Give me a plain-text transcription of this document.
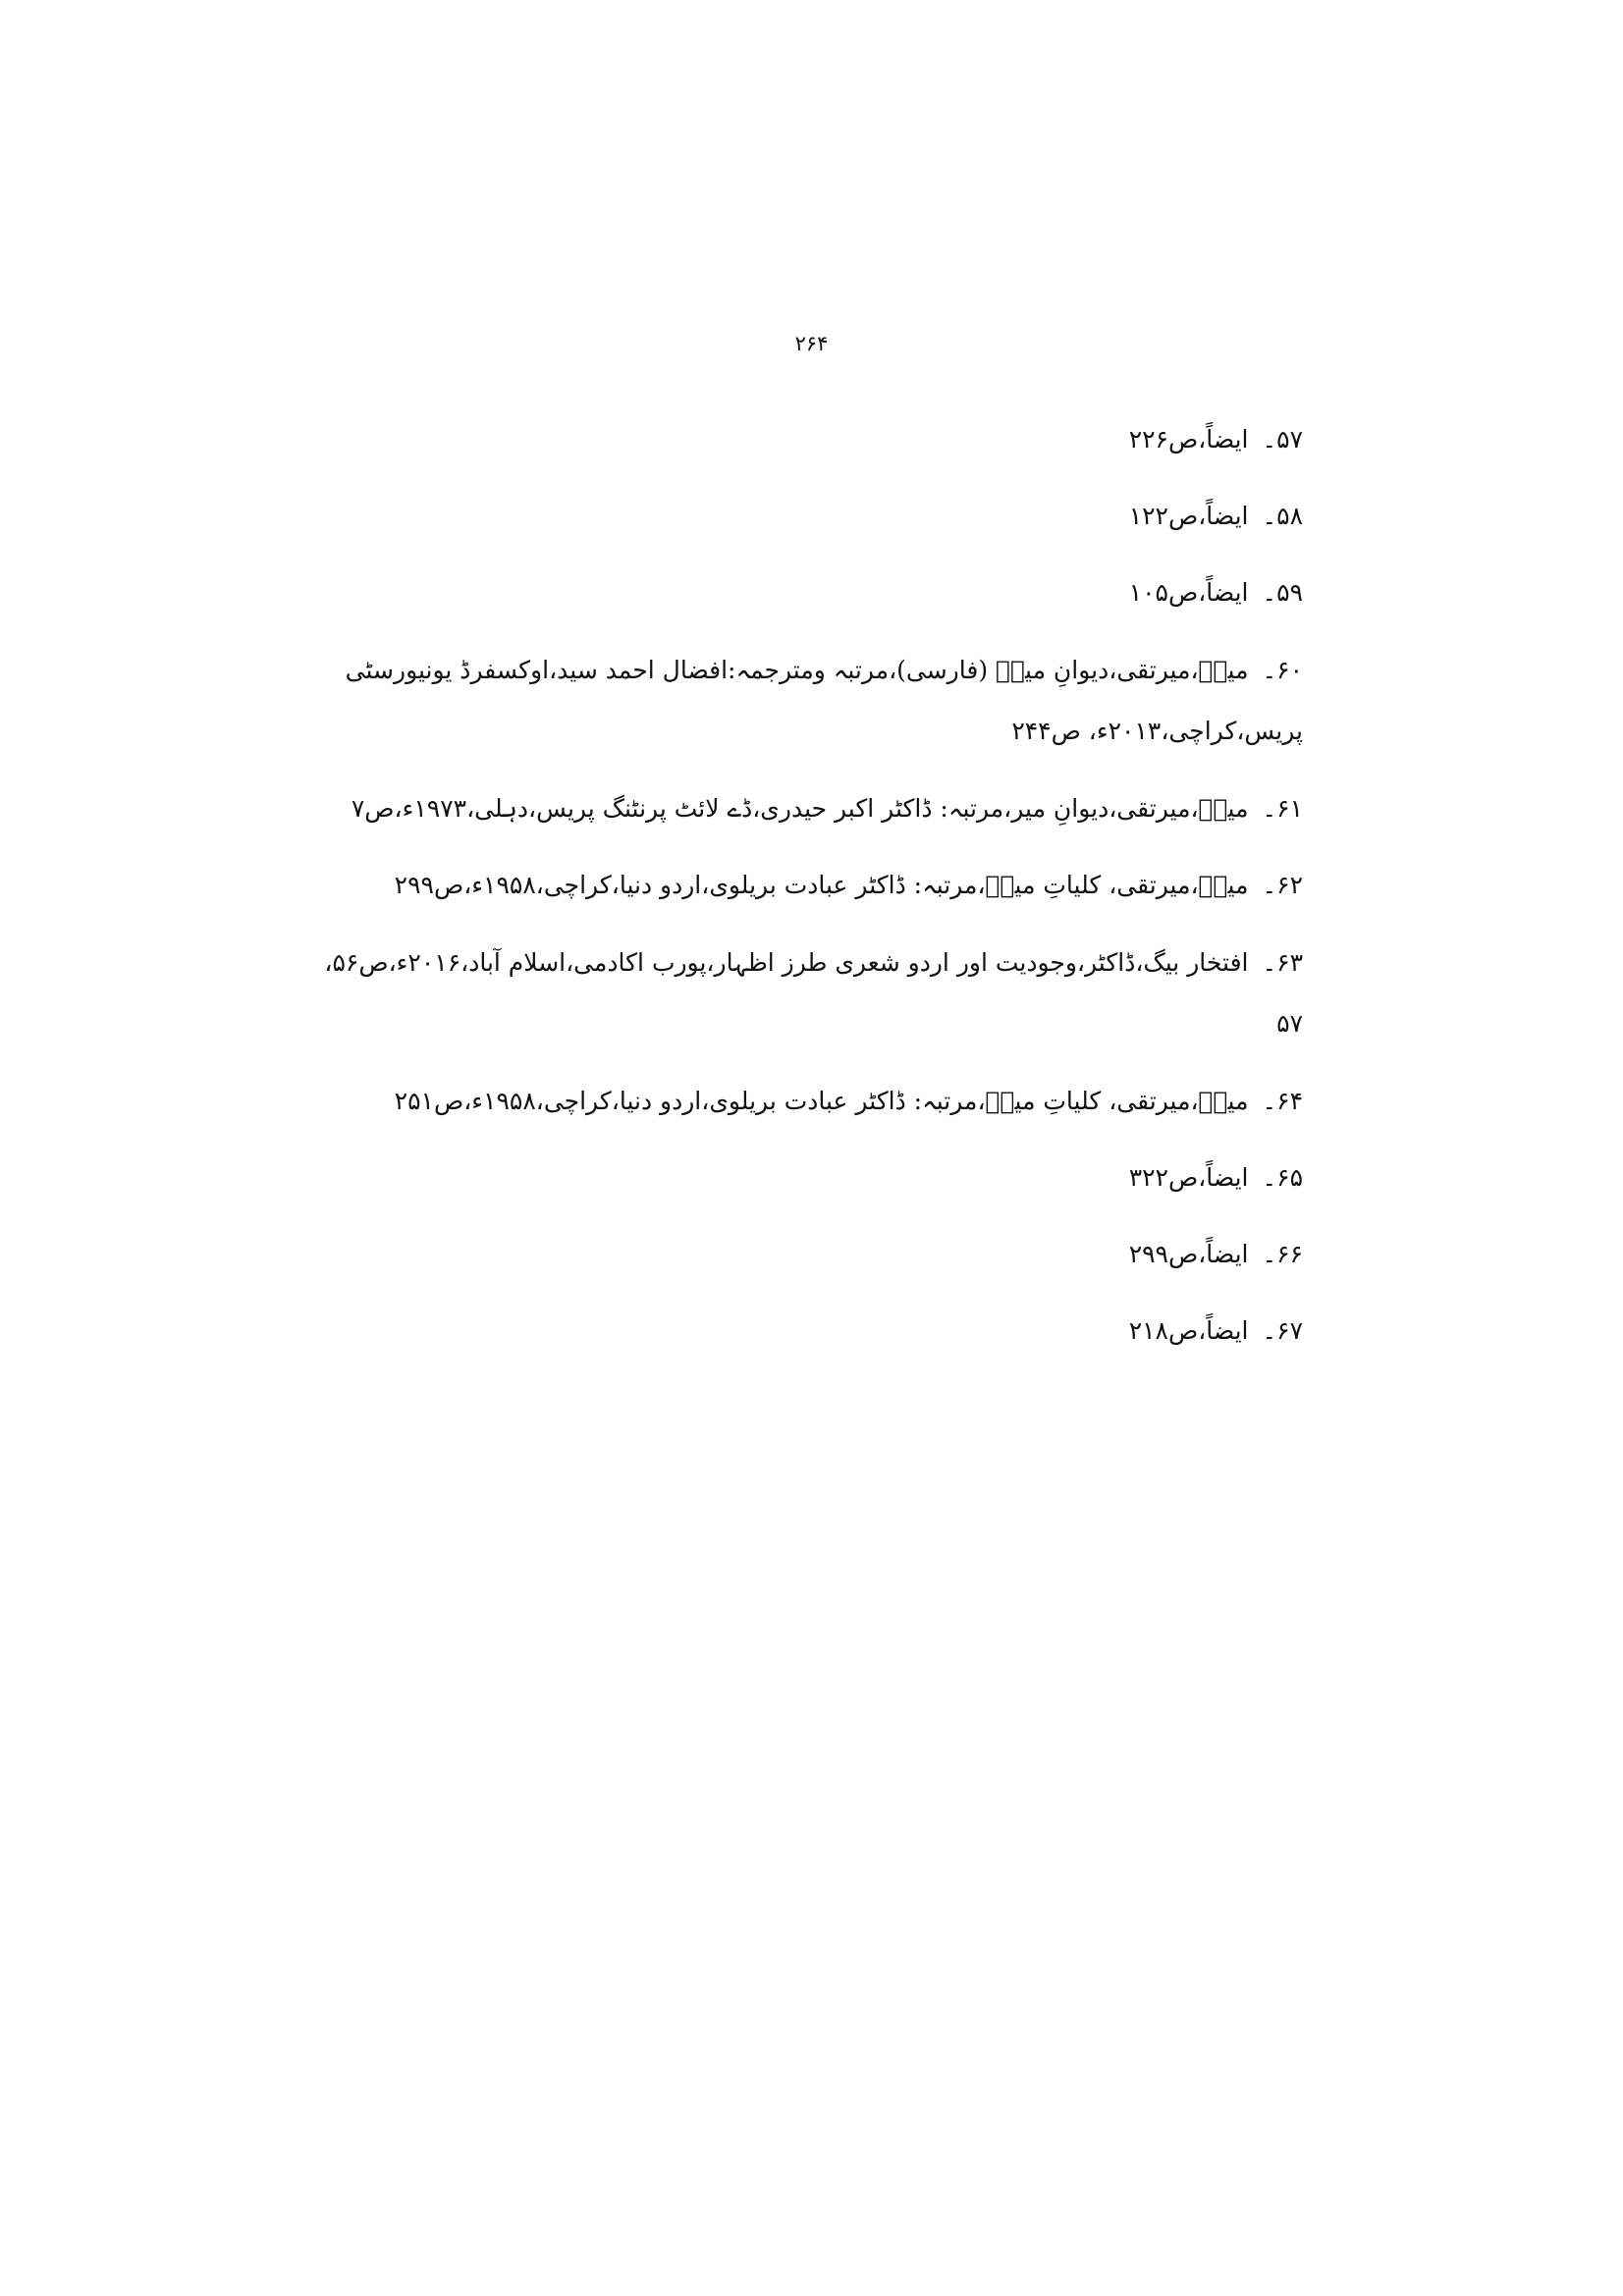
۲۶۴
۵۷۔ایضاً،ص۲۲۶
۵۸۔ایضاً،ص۱۲۲
۵۹۔ایضاً،ص۱۰۵
۶۰۔میرؔ،میرتقی،دیوانِ میرؔ (فارسی)،مرتبہ ومترجمہ:افضال احمد سید،اوکسفرڈ یونیورسٹی پریس،کراچی،۲۰۱۳ء، ص۲۴۴
۶۱۔میرؔ،میرتقی،دیوانِ میر،مرتبہ: ڈاکٹر اکبر حیدری،ڈے لائٹ پرنٹنگ پریس،دہلی،۱۹۷۳ء،ص۷
۶۲۔میرؔ،میرتقی، کلیاتِ میرؔ،مرتبہ: ڈاکٹر عبادت بریلوی،اردو دنیا،کراچی،۱۹۵۸ء،ص۲۹۹
۶۳۔افتخار بیگ،ڈاکٹر،وجودیت اور اردو شعری طرز اظہار،پورب اکادمی،اسلام آباد،۲۰۱۶ء،ص۵۶، ۵۷
۶۴۔میرؔ،میرتقی، کلیاتِ میرؔ،مرتبہ: ڈاکٹر عبادت بریلوی،اردو دنیا،کراچی،۱۹۵۸ء،ص۲۵۱
۶۵۔ایضاً،ص۳۲۲
۶۶۔ایضاً،ص۲۹۹
۶۷۔ایضاً،ص۲۱۸
